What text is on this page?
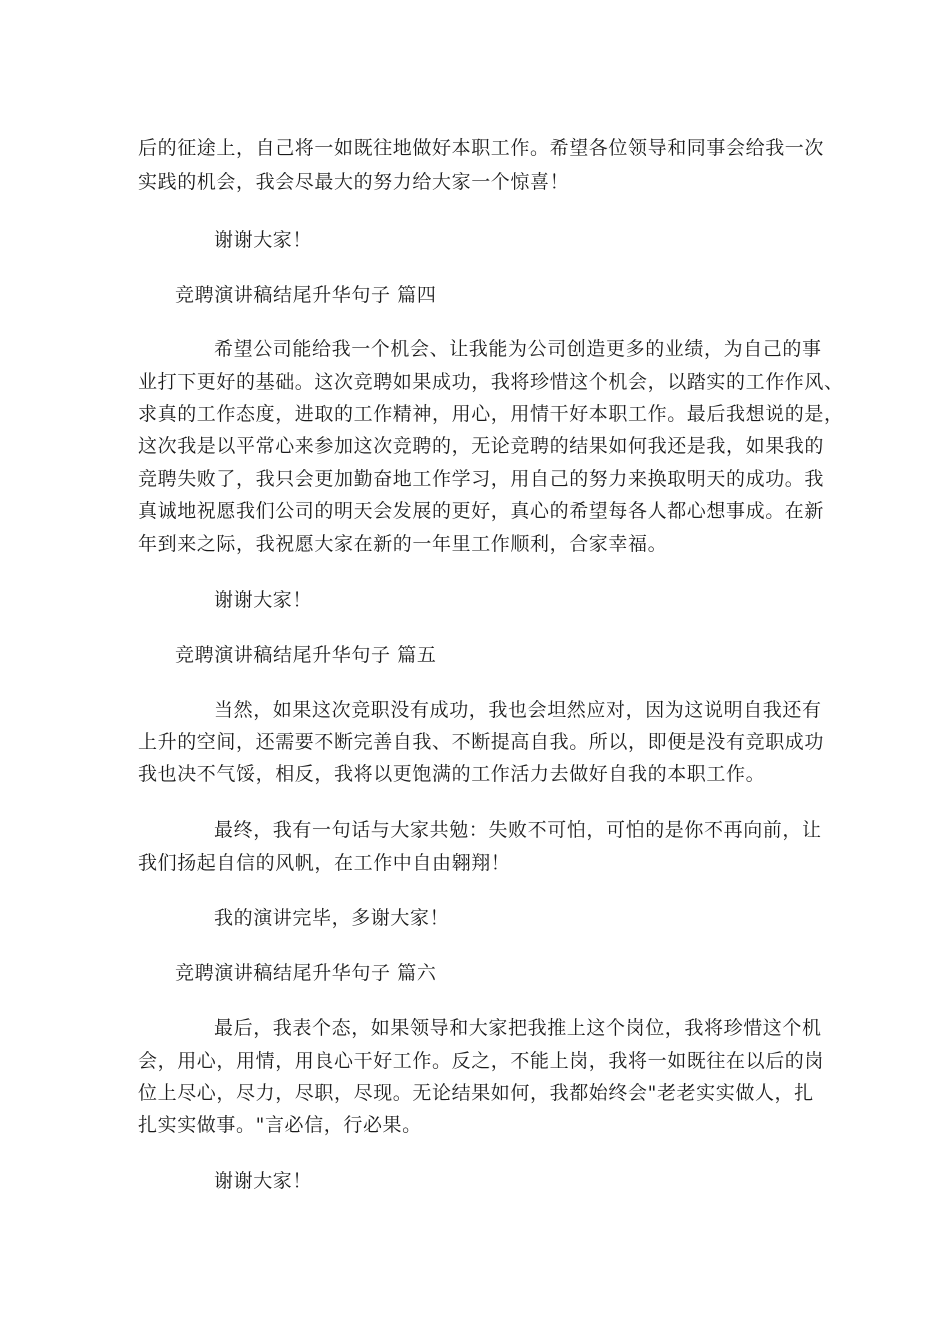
后的征途上，自己将一如既往地做好本职工作。希望各位领导和同事会给我一次
实践的机会，我会尽最大的努力给大家一个惊喜！
谢谢大家！
竞聘演讲稿结尾升华句子 篇四
希望公司能给我一个机会、让我能为公司创造更多的业绩，为自己的事
业打下更好的基础。这次竞聘如果成功，我将珍惜这个机会，以踏实的工作作风、
求真的工作态度，进取的工作精神，用心，用情干好本职工作。最后我想说的是，
这次我是以平常心来参加这次竞聘的，无论竞聘的结果如何我还是我，如果我的
竞聘失败了，我只会更加勤奋地工作学习，用自己的努力来换取明天的成功。我
真诚地祝愿我们公司的明天会发展的更好，真心的希望每各人都心想事成。在新
年到来之际，我祝愿大家在新的一年里工作顺利，合家幸福。
谢谢大家！
竞聘演讲稿结尾升华句子 篇五
当然，如果这次竞职没有成功，我也会坦然应对，因为这说明自我还有
上升的空间，还需要不断完善自我、不断提高自我。所以，即便是没有竞职成功
我也决不气馁，相反，我将以更饱满的工作活力去做好自我的本职工作。
最终，我有一句话与大家共勉：失败不可怕，可怕的是你不再向前，让
我们扬起自信的风帆，在工作中自由翱翔！
我的演讲完毕，多谢大家！
竞聘演讲稿结尾升华句子 篇六
最后，我表个态，如果领导和大家把我推上这个岗位，我将珍惜这个机
会，用心，用情，用良心干好工作。反之，不能上岗，我将一如既往在以后的岗
位上尽心，尽力，尽职，尽现。无论结果如何，我都始终会"老老实实做人，扎
扎实实做事。"言必信，行必果。
谢谢大家！
